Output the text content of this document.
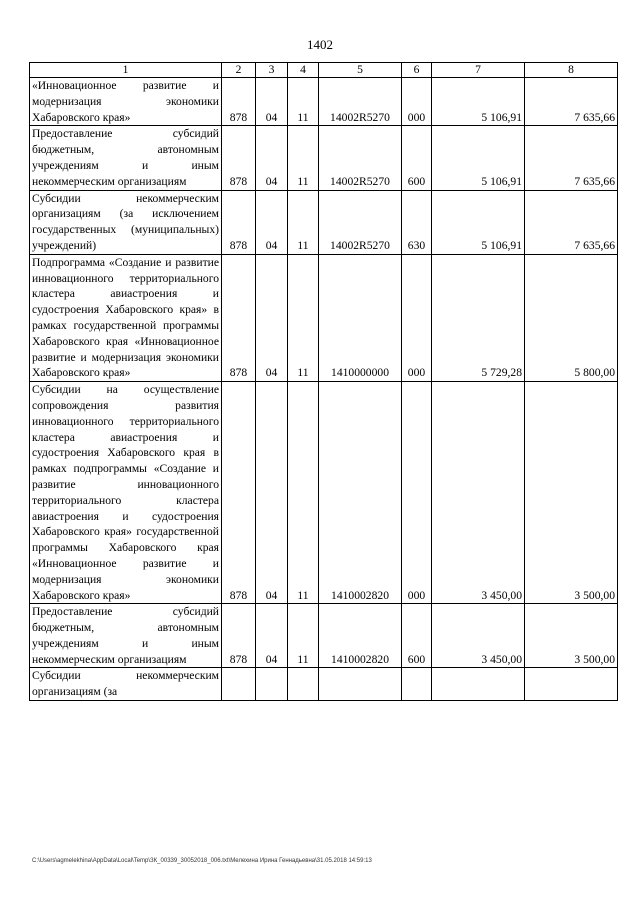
1402
1	2	3	4	5	6	7	8
«Инновационное развитие и модернизация экономики Хабаровского края»	878	04	11	14002R5270	000	5 106,91	7 635,66
Предоставление субсидий бюджетным, автономным учреждениям и иным некоммерческим организациям	878	04	11	14002R5270	600	5 106,91	7 635,66
Субсидии некоммерческим организациям (за исключением государственных (муниципальных) учреждений)	878	04	11	14002R5270	630	5 106,91	7 635,66
Подпрограмма «Создание и развитие инновационного территориального кластера авиастроения и судостроения Хабаровского края» в рамках государственной программы Хабаровского края «Инновационное развитие и модернизация экономики Хабаровского края»	878	04	11	1410000000	000	5 729,28	5 800,00
Субсидии на осуществление сопровождения развития инновационного территориального кластера авиастроения и судостроения Хабаровского края в рамках подпрограммы «Создание и развитие инновационного территориального кластера авиастроения и судостроения Хабаровского края» государственной программы Хабаровского края «Инновационное развитие и модернизация экономики Хабаровского края»	878	04	11	1410002820	000	3 450,00	3 500,00
Предоставление субсидий бюджетным, автономным учреждениям и иным некоммерческим организациям	878	04	11	1410002820	600	3 450,00	3 500,00
Субсидии некоммерческим организациям (за							
C:\Users\agmelekhina\AppData\Local\Temp\ЗК_00339_30052018_006.txt\Мелехина Ирина Геннадьевна\31.05.2018 14:59:13
